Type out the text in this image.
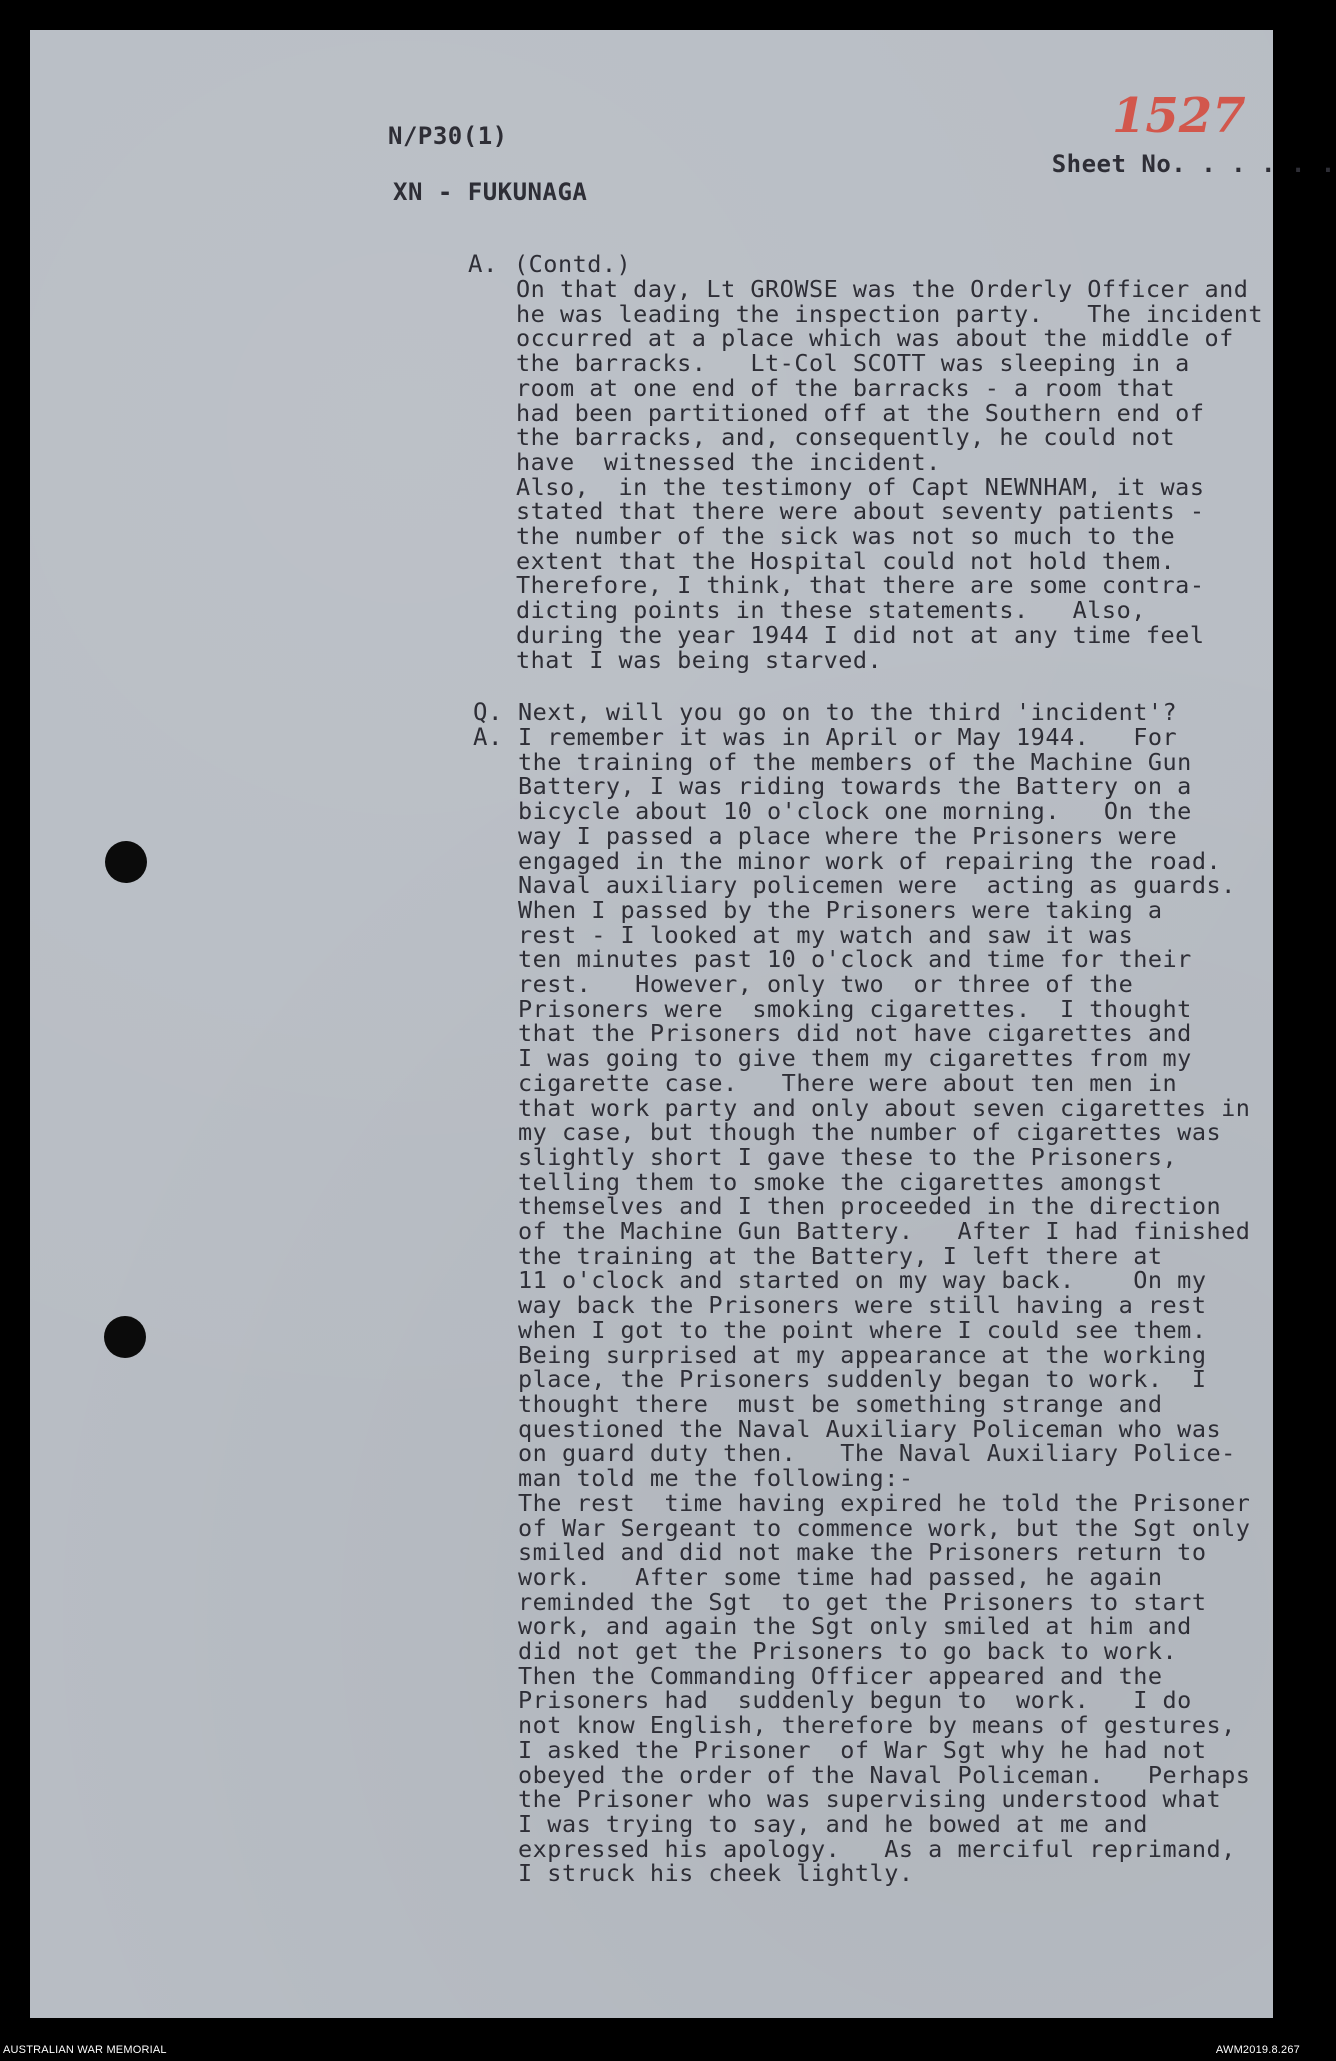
N/P30(1)

Sheet No. . . . . .

1527

XN - FUKUNAGA

A. (Contd.)

On that day, Lt GROWSE was the Orderly Officer and
he was leading the inspection party.   The incident
occurred at a place which was about the middle of
the barracks.   Lt-Col SCOTT was sleeping in a
room at one end of the barracks - a room that
had been partitioned off at the Southern end of
the barracks, and, consequently, he could not
have  witnessed the incident.
Also,  in the testimony of Capt NEWNHAM, it was
stated that there were about seventy patients -
the number of the sick was not so much to the
extent that the Hospital could not hold them.
Therefore, I think, that there are some contra-
dicting points in these statements.   Also,
during the year 1944 I did not at any time feel
that I was being starved.

Q. Next, will you go on to the third 'incident'?

A. I remember it was in April or May 1944.   For
the training of the members of the Machine Gun
Battery, I was riding towards the Battery on a
bicycle about 10 o'clock one morning.   On the
way I passed a place where the Prisoners were
engaged in the minor work of repairing the road.
Naval auxiliary policemen were  acting as guards.
When I passed by the Prisoners were taking a
rest - I looked at my watch and saw it was
ten minutes past 10 o'clock and time for their
rest.   However, only two  or three of the
Prisoners were  smoking cigarettes.  I thought
that the Prisoners did not have cigarettes and
I was going to give them my cigarettes from my
cigarette case.   There were about ten men in
that work party and only about seven cigarettes in
my case, but though the number of cigarettes was
slightly short I gave these to the Prisoners,
telling them to smoke the cigarettes amongst
themselves and I then proceeded in the direction
of the Machine Gun Battery.   After I had finished
the training at the Battery, I left there at
11 o'clock and started on my way back.    On my
way back the Prisoners were still having a rest
when I got to the point where I could see them.
Being surprised at my appearance at the working
place, the Prisoners suddenly began to work.  I
thought there  must be something strange and
questioned the Naval Auxiliary Policeman who was
on guard duty then.   The Naval Auxiliary Police-
man told me the following:-
The rest  time having expired he told the Prisoner
of War Sergeant to commence work, but the Sgt only
smiled and did not make the Prisoners return to
work.   After some time had passed, he again
reminded the Sgt  to get the Prisoners to start
work, and again the Sgt only smiled at him and
did not get the Prisoners to go back to work.
Then the Commanding Officer appeared and the
Prisoners had  suddenly begun to  work.   I do
not know English, therefore by means of gestures,
I asked the Prisoner  of War Sgt why he had not
obeyed the order of the Naval Policeman.   Perhaps
the Prisoner who was supervising understood what
I was trying to say, and he bowed at me and
expressed his apology.   As a merciful reprimand,
I struck his cheek lightly.

AUSTRALIAN WAR MEMORIAL	AWM2019.8.267
